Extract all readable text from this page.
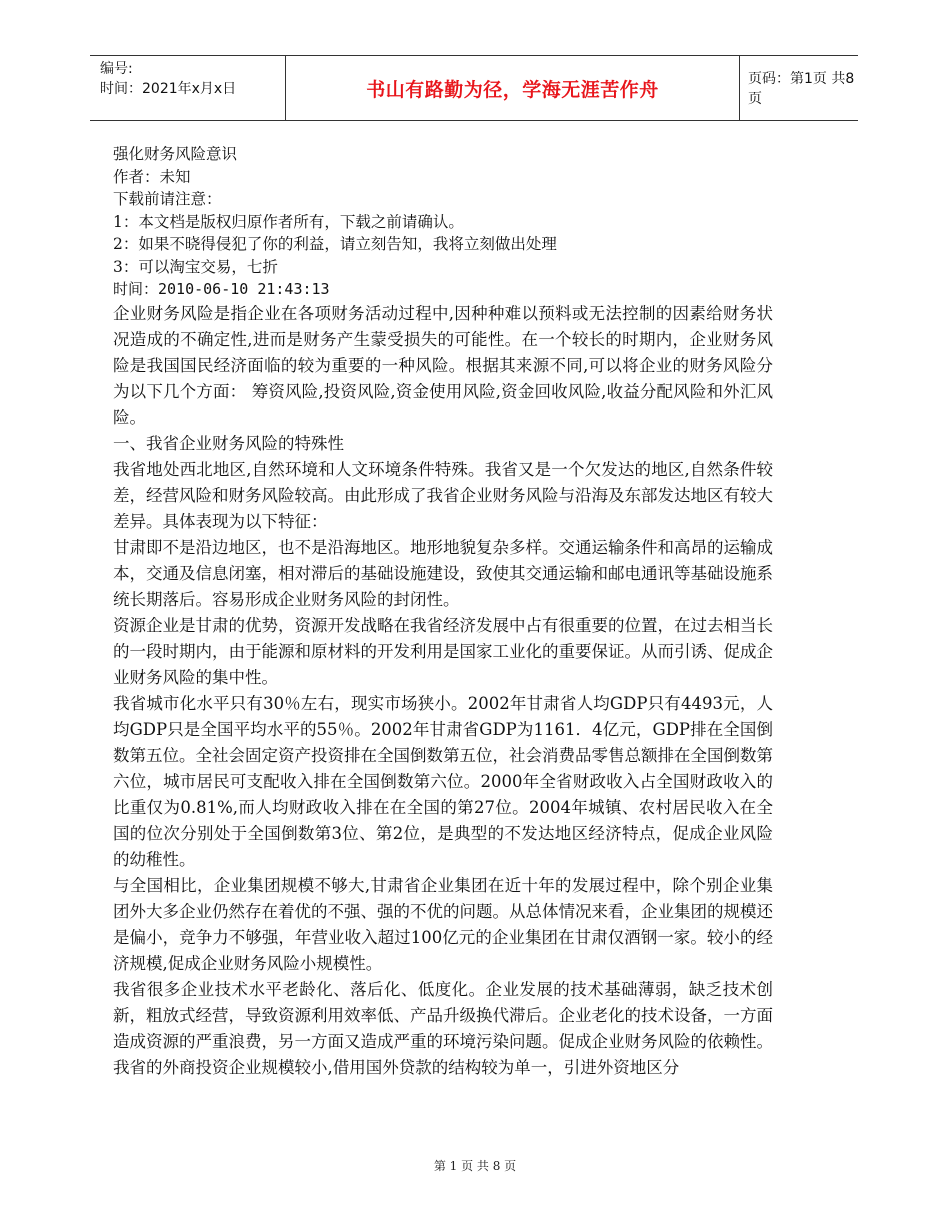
编号:
时间：2021年x月x日	书山有路勤为径，学海无涯苦作舟	页码：第1页 共8页
强化财务风险意识
作者：未知
下载前请注意：
1：本文档是版权归原作者所有，下载之前请确认。
2：如果不晓得侵犯了你的利益，请立刻告知，我将立刻做出处理
3：可以淘宝交易，七折
时间：2010-06-10 21:43:13
企业财务风险是指企业在各项财务活动过程中,因种种难以预料或无法控制的因素给财务状况造成的不确定性,进而是财务产生蒙受损失的可能性。在一个较长的时期内，企业财务风险是我国国民经济面临的较为重要的一种风险。根据其来源不同,可以将企业的财务风险分为以下几个方面： 筹资风险,投资风险,资金使用风险,资金回收风险,收益分配风险和外汇风险。
一、我省企业财务风险的特殊性
我省地处西北地区,自然环境和人文环境条件特殊。我省又是一个欠发达的地区,自然条件较差，经营风险和财务风险较高。由此形成了我省企业财务风险与沿海及东部发达地区有较大差异。具体表现为以下特征：
甘肃即不是沿边地区，也不是沿海地区。地形地貌复杂多样。交通运输条件和高昂的运输成本，交通及信息闭塞，相对滞后的基础设施建设，致使其交通运输和邮电通讯等基础设施系统长期落后。容易形成企业财务风险的封闭性。
资源企业是甘肃的优势，资源开发战略在我省经济发展中占有很重要的位置，在过去相当长的一段时期内，由于能源和原材料的开发利用是国家工业化的重要保证。从而引诱、促成企业财务风险的集中性。
我省城市化水平只有30％左右，现实市场狭小。2002年甘肃省人均GDP只有4493元，人均GDP只是全国平均水平的55％。2002年甘肃省GDP为1161．4亿元，GDP排在全国倒数第五位。全社会固定资产投资排在全国倒数第五位，社会消费品零售总额排在全国倒数第六位，城市居民可支配收入排在全国倒数第六位。2000年全省财政收入占全国财政收入的比重仅为0.81%,而人均财政收入排在在全国的第27位。2004年城镇、农村居民收入在全国的位次分别处于全国倒数第3位、第2位，是典型的不发达地区经济特点，促成企业风险的幼稚性。
与全国相比，企业集团规模不够大,甘肃省企业集团在近十年的发展过程中，除个别企业集团外大多企业仍然存在着优的不强、强的不优的问题。从总体情况来看，企业集团的规模还是偏小，竞争力不够强，年营业收入超过100亿元的企业集团在甘肃仅酒钢一家。较小的经济规模,促成企业财务风险小规模性。
我省很多企业技术水平老龄化、落后化、低度化。企业发展的技术基础薄弱，缺乏技术创新，粗放式经营，导致资源利用效率低、产品升级换代滞后。企业老化的技术设备，一方面造成资源的严重浪费，另一方面又造成严重的环境污染问题。促成企业财务风险的依赖性。
我省的外商投资企业规模较小,借用国外贷款的结构较为单一，引进外资地区分
第 1 页 共 8 页
